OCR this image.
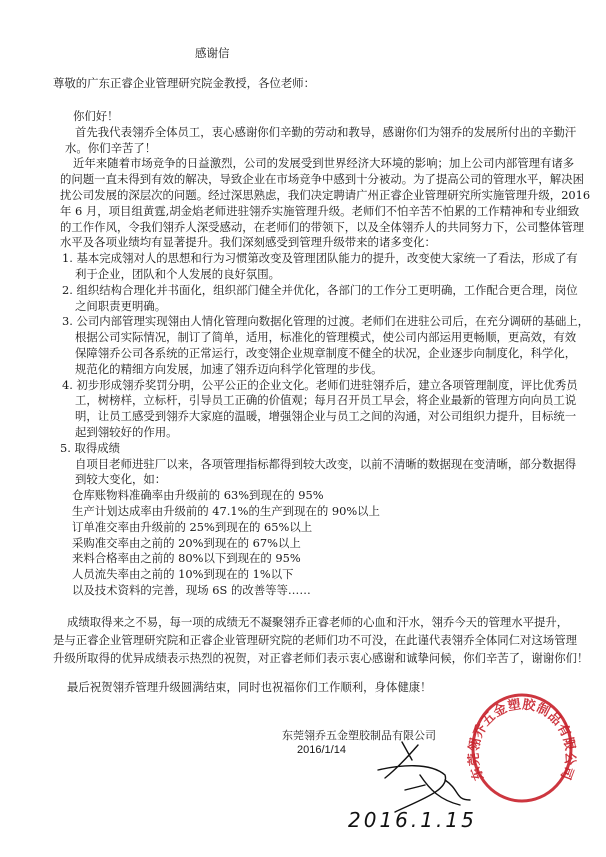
感谢信
尊敬的广东正睿企业管理研究院金教授，各位老师：
你们好！
首先我代表翎乔全体员工，衷心感谢你们辛勤的劳动和教导，感谢你们为翎乔的发展所付出的辛勤汗
水。你们辛苦了！
近年来随着市场竞争的日益激烈，公司的发展受到世界经济大环境的影响；加上公司内部管理有诸多
的问题一直未得到有效的解决，导致企业在市场竞争中感到十分被动。为了提高公司的管理水平，解决困
扰公司发展的深层次的问题。经过深思熟虑，我们决定聘请广州正睿企业管理研究所实施管理升级，2016
年 6 月，项目组黄霆,胡金焰老师进驻翎乔实施管理升级。老师们不怕辛苦不怕累的工作精神和专业细致
的工作作风，令我们翎乔人深受感动，在老师们的带领下，以及全体翎乔人的共同努力下，公司整体管理
水平及各项业绩均有显著提升。我们深刻感受到管理升级带来的诸多变化：
1. 基本完成翎对人的思想和行为习惯第改变及管理团队能力的提升，改变使大家统一了看法，形成了有
利于企业，团队和个人发展的良好氛围。
2. 组织结构合理化并书面化，组织部门健全并优化，各部门的工作分工更明确，工作配合更合理，岗位
之间职责更明确。
3. 公司内部管理实现翎由人情化管理向数据化管理的过渡。老师们在进驻公司后，在充分调研的基础上，
根据公司实际情况，制订了简单，适用，标准化的管理模式，使公司内部运用更畅顺，更高效，有效
保障翎乔公司各系统的正常运行，改变翎企业规章制度不健全的状况，企业逐步向制度化，科学化，
规范化的精细方向发展，加速了翎乔迈向科学化管理的步伐。
4. 初步形成翎乔奖罚分明，公平公正的企业文化。老师们进驻翎乔后，建立各项管理制度，评比优秀员
工，树榜样，立标杆，引导员工正确的价值观；每月召开员工早会，将企业最新的管理方向向员工说
明，让员工感受到翎乔大家庭的温暖，增强翎企业与员工之间的沟通，对公司组织力提升，目标统一
起到翎较好的作用。
5. 取得成绩
自项目老师进驻厂以来，各项管理指标都得到较大改变，以前不清晰的数据现在变清晰，部分数据得
到较大变化，如：
仓库账物料准确率由升级前的 63%到现在的 95%
生产计划达成率由升级前的 47.1%的生产到现在的 90%以上
订单准交率由升级前的 25%到现在的 65%以上
采购准交率由之前的 20%到现在的 67%以上
来料合格率由之前的 80%以下到现在的 95%
人员流失率由之前的 10%到现在的 1%以下
以及技术资料的完善，现场 6S 的改善等等……
成绩取得来之不易，每一项的成绩无不凝聚翎乔正睿老师的心血和汗水，翎乔今天的管理水平提升，
是与正睿企业管理研究院和正睿企业管理研究院的老师们功不可没，在此谨代表翎乔全体同仁对这场管理
升级所取得的优异成绩表示热烈的祝贺，对正睿老师们表示衷心感谢和诚挚问候，你们辛苦了，谢谢你们！
最后祝贺翎乔管理升级圆满结束，同时也祝福你们工作顺利，身体健康！
东莞翎乔五金塑胶制品有限公司
东莞翎乔五金塑胶制品有限公司
2016/1/14
2016.1.15
